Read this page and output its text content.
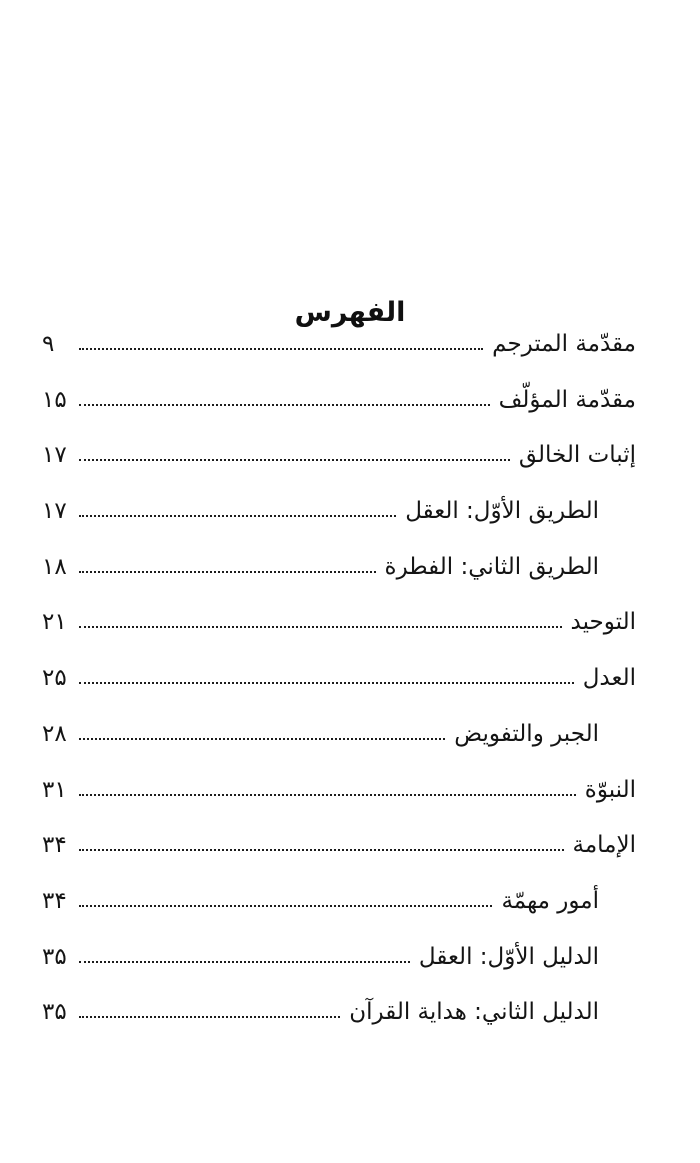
الفهرس
مقدّمة المترجم
۹
مقدّمة المؤلّف
۱۵
إثبات الخالق
۱۷
الطريق الأوّل: العقل
۱۷
الطريق الثاني: الفطرة
۱۸
التوحيد
۲۱
العدل
۲۵
الجبر والتفويض
۲۸
النبوّة
۳۱
الإمامة
۳۴
أمور مهمّة
۳۴
الدليل الأوّل: العقل
۳۵
الدليل الثاني: هداية القرآن
۳۵
